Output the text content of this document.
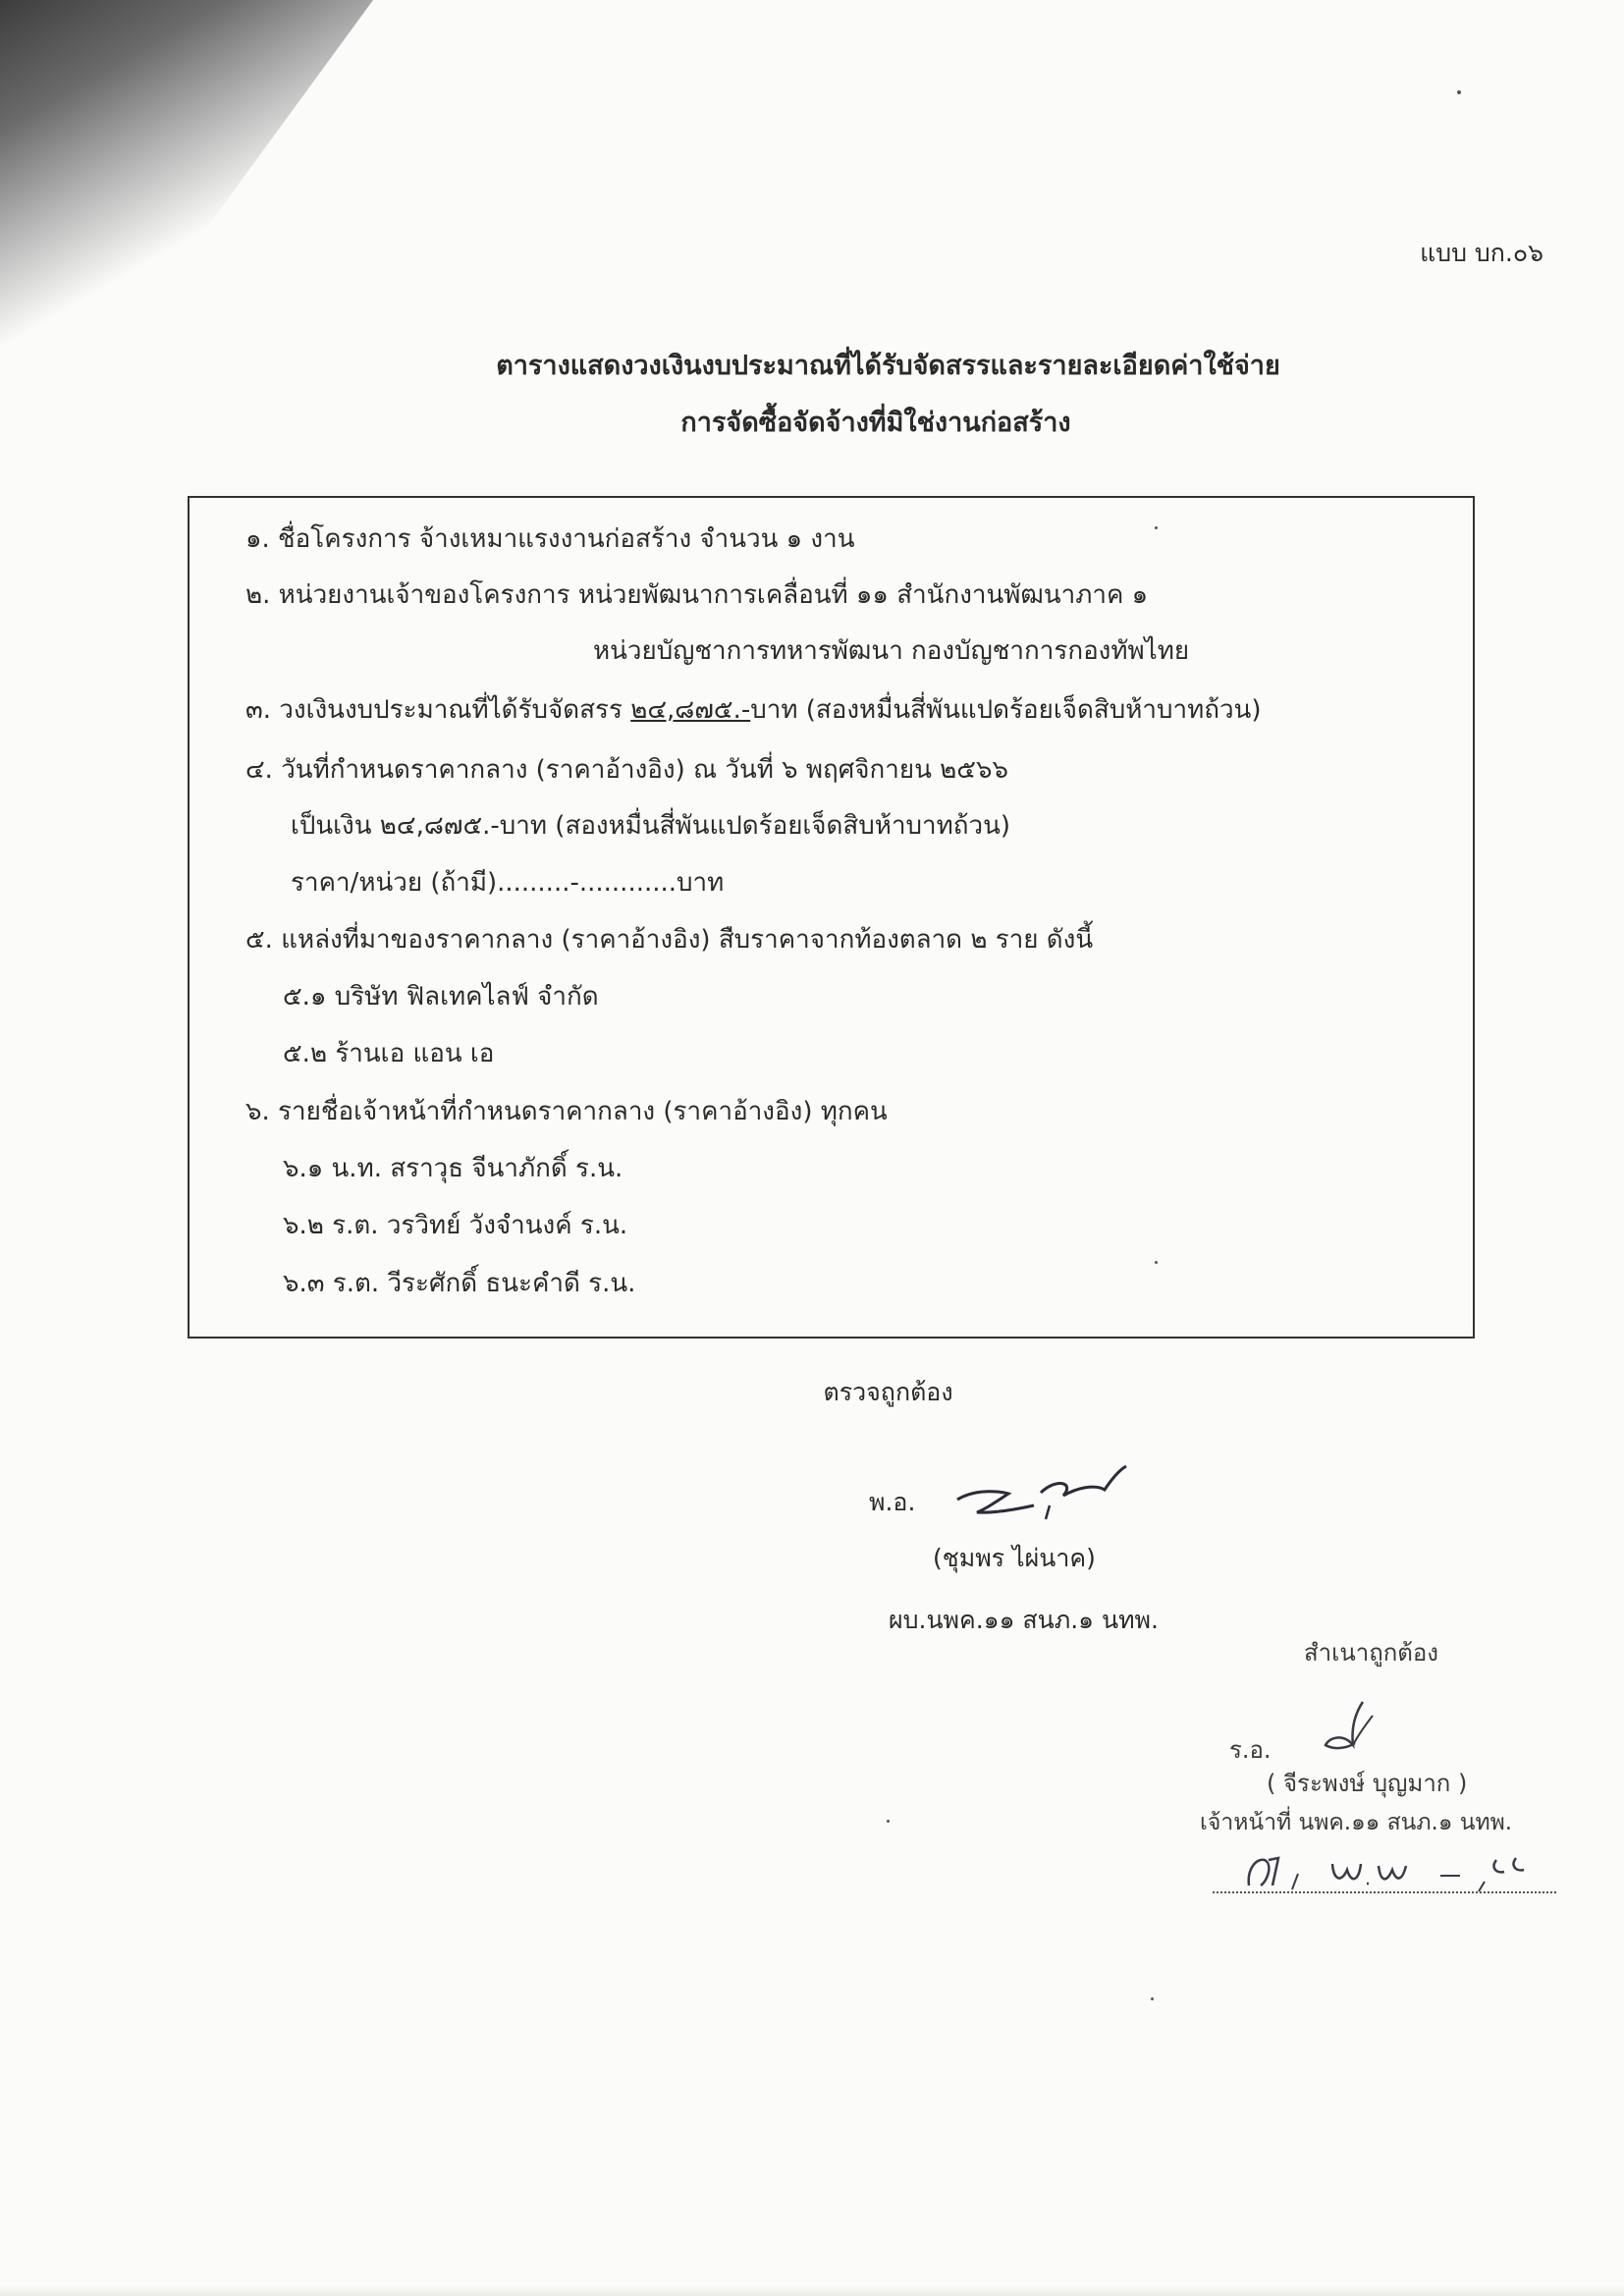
แบบ บก.๐๖
ตารางแสดงวงเงินงบประมาณที่ได้รับจัดสรรและรายละเอียดค่าใช้จ่าย
การจัดซื้อจัดจ้างที่มิใช่งานก่อสร้าง
๑. ชื่อโครงการ จ้างเหมาแรงงานก่อสร้าง จำนวน ๑ งาน
๒. หน่วยงานเจ้าของโครงการ หน่วยพัฒนาการเคลื่อนที่ ๑๑ สำนักงานพัฒนาภาค ๑
หน่วยบัญชาการทหารพัฒนา กองบัญชาการกองทัพไทย
๓. วงเงินงบประมาณที่ได้รับจัดสรร ๒๔,๘๗๕.-บาท (สองหมื่นสี่พันแปดร้อยเจ็ดสิบห้าบาทถ้วน)
๔. วันที่กำหนดราคากลาง (ราคาอ้างอิง) ณ วันที่ ๖ พฤศจิกายน ๒๕๖๖
เป็นเงิน ๒๔,๘๗๕.-บาท (สองหมื่นสี่พันแปดร้อยเจ็ดสิบห้าบาทถ้วน)
ราคา/หน่วย (ถ้ามี).........-............บาท
๕. แหล่งที่มาของราคากลาง (ราคาอ้างอิง) สืบราคาจากท้องตลาด ๒ ราย ดังนี้
๕.๑ บริษัท ฟิลเทคไลฟ์ จำกัด
๕.๒ ร้านเอ แอน เอ
๖. รายชื่อเจ้าหน้าที่กำหนดราคากลาง (ราคาอ้างอิง) ทุกคน
๖.๑ น.ท. สราวุธ จีนาภักดิ์ ร.น.
๖.๒ ร.ต. วรวิทย์ วังจำนงค์ ร.น.
๖.๓ ร.ต. วีระศักดิ์ ธนะคำดี ร.น.
ตรวจถูกต้อง
พ.อ.
(ชุมพร ไผ่นาค)
ผบ.นพค.๑๑ สนภ.๑ นทพ.
สำเนาถูกต้อง
ร.อ.
( จีระพงษ์ บุญมาก )
เจ้าหน้าที่ นพค.๑๑ สนภ.๑ นทพ.
